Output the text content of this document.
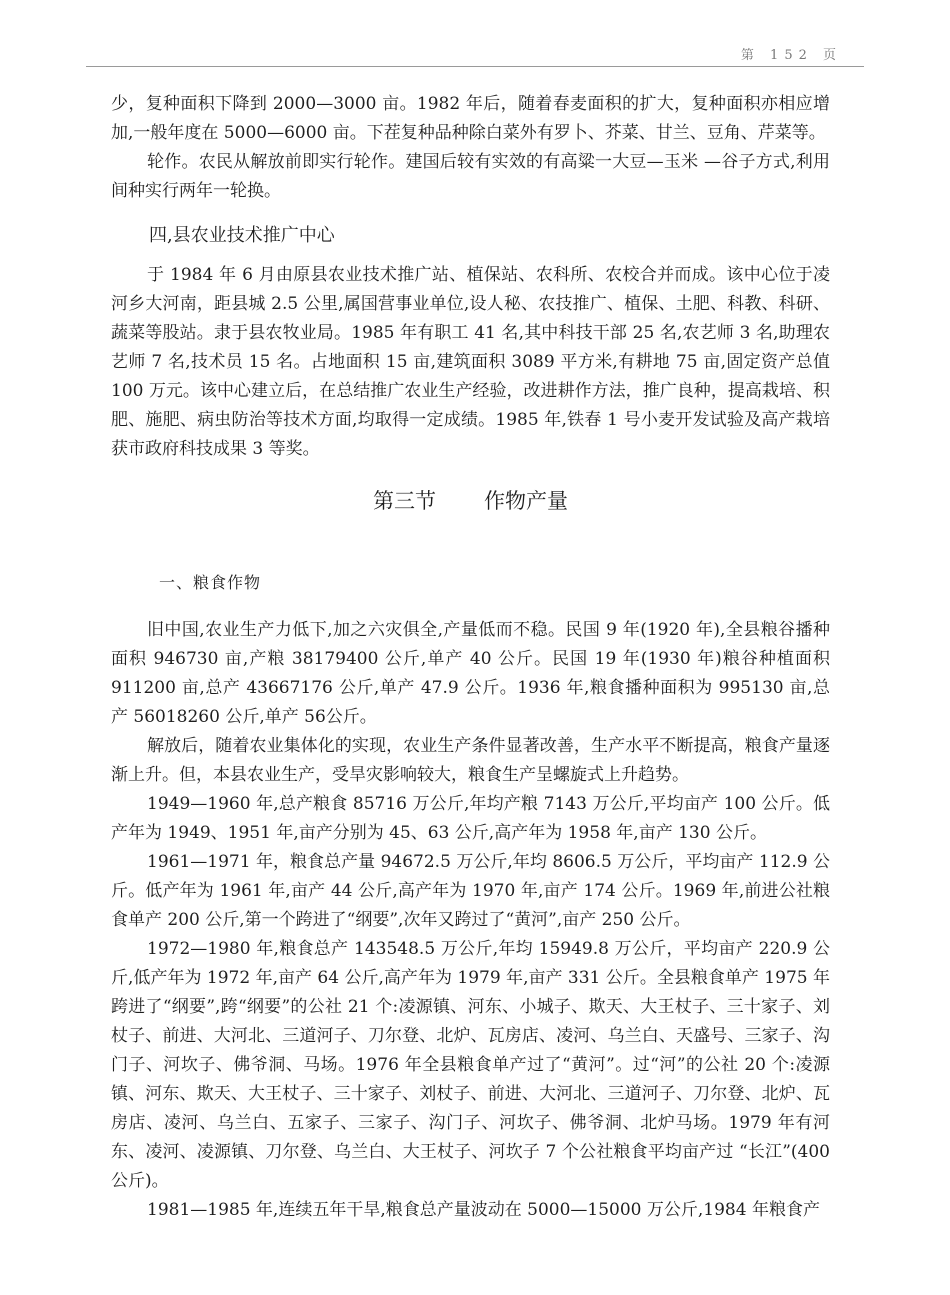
第 152 页

少，复种面积下降到 2000—3000 亩。1982 年后，随着春麦面积的扩大，复种面积亦相应增加,一般年度在 5000—6000 亩。下茬复种品种除白菜外有罗卜、芥菜、甘兰、豆角、芹菜等。

轮作。农民从解放前即实行轮作。建国后较有实效的有高粱一大豆—玉米 —谷子方式,利用间种实行两年一轮换。

四,县农业技术推广中心

于 1984 年 6 月由原县农业技术推广站、植保站、农科所、农校合并而成。该中心位于凌河乡大河南，距县城 2.5 公里,属国营事业单位,设人秘、农技推广、植保、土肥、科教、科研、蔬菜等股站。隶于县农牧业局。1985 年有职工 41 名,其中科技干部 25 名,农艺师 3 名,助理农艺师 7 名,技术员 15 名。占地面积 15 亩,建筑面积 3089 平方米,有耕地 75 亩,固定资产总值 100 万元。该中心建立后，在总结推广农业生产经验，改进耕作方法，推广良种，提高栽培、积肥、施肥、病虫防治等技术方面,均取得一定成绩。1985 年,铁春 1 号小麦开发试验及高产栽培获市政府科技成果 3 等奖。

第三节 作物产量
一、粮食作物

旧中国,农业生产力低下,加之六灾俱全,产量低而不稳。民国 9 年(1920 年),全县粮谷播种面积 946730 亩,产粮 38179400 公斤,单产 40 公斤。民国 19 年(1930 年)粮谷种植面积 911200 亩,总产 43667176 公斤,单产 47.9 公斤。1936 年,粮食播种面积为 995130 亩,总产 56018260 公斤,单产 56公斤。

解放后，随着农业集体化的实现，农业生产条件显著改善，生产水平不断提高，粮食产量逐渐上升。但，本县农业生产，受旱灾影响较大，粮食生产呈螺旋式上升趋势。

1949—1960 年,总产粮食 85716 万公斤,年均产粮 7143 万公斤,平均亩产 100 公斤。低产年为 1949、1951 年,亩产分别为 45、63 公斤,高产年为 1958 年,亩产 130 公斤。

1961—1971 年，粮食总产量 94672.5 万公斤,年均 8606.5 万公斤，平均亩产 112.9 公斤。低产年为 1961 年,亩产 44 公斤,高产年为 1970 年,亩产 174 公斤。1969 年,前进公社粮食单产 200 公斤,第一个跨进了“纲要”,次年又跨过了“黄河”,亩产 250 公斤。

1972—1980 年,粮食总产 143548.5 万公斤,年均 15949.8 万公斤，平均亩产 220.9 公斤,低产年为 1972 年,亩产 64 公斤,高产年为 1979 年,亩产 331 公斤。全县粮食单产 1975 年跨进了“纲要”,跨“纲要”的公社 21 个:凌源镇、河东、小城子、欺天、大王杖子、三十家子、刘杖子、前进、大河北、三道河子、刀尔登、北炉、瓦房店、凌河、乌兰白、天盛号、三家子、沟门子、河坎子、佛爷洞、马场。1976 年全县粮食单产过了“黄河”。过“河”的公社 20 个:凌源镇、河东、欺天、大王杖子、三十家子、刘杖子、前进、大河北、三道河子、刀尔登、北炉、瓦房店、凌河、乌兰白、五家子、三家子、沟门子、河坎子、佛爷洞、北炉马场。1979 年有河东、凌河、凌源镇、刀尔登、乌兰白、大王杖子、河坎子 7 个公社粮食平均亩产过 “长江”(400 公斤)。

1981—1985 年,连续五年干旱,粮食总产量波动在 5000—15000 万公斤,1984 年粮食产
